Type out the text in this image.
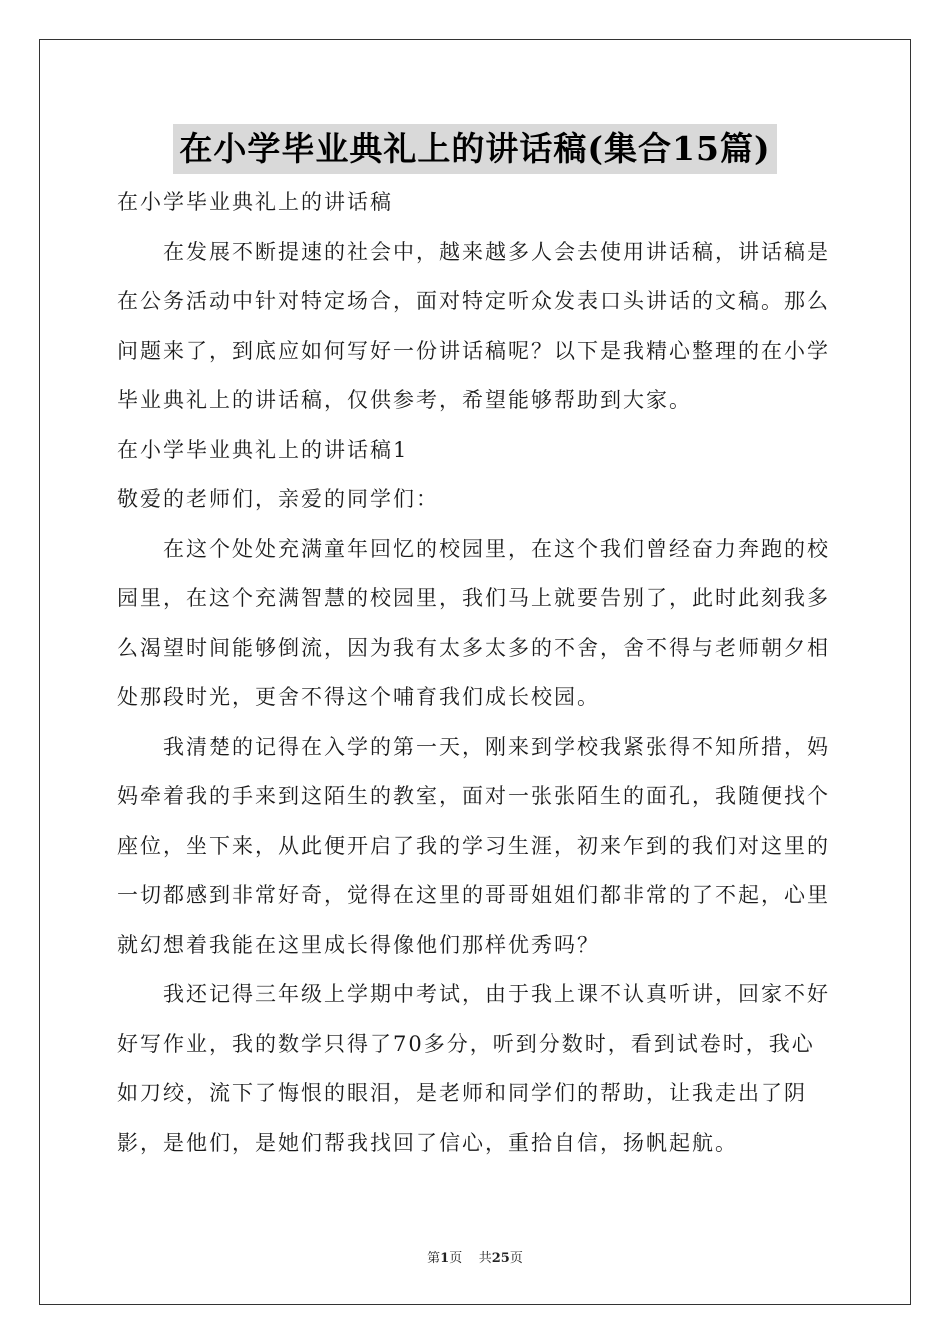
在小学毕业典礼上的讲话稿(集合15篇)

在小学毕业典礼上的讲话稿

在发展不断提速的社会中，越来越多人会去使用讲话稿，讲话稿是在公务活动中针对特定场合，面对特定听众发表口头讲话的文稿。那么问题来了，到底应如何写好一份讲话稿呢？以下是我精心整理的在小学毕业典礼上的讲话稿，仅供参考，希望能够帮助到大家。

在小学毕业典礼上的讲话稿1

敬爱的老师们，亲爱的同学们：

在这个处处充满童年回忆的校园里，在这个我们曾经奋力奔跑的校园里，在这个充满智慧的校园里，我们马上就要告别了，此时此刻我多么渴望时间能够倒流，因为我有太多太多的不舍，舍不得与老师朝夕相处那段时光，更舍不得这个哺育我们成长校园。

我清楚的记得在入学的第一天，刚来到学校我紧张得不知所措，妈妈牵着我的手来到这陌生的教室，面对一张张陌生的面孔，我随便找个座位，坐下来，从此便开启了我的学习生涯，初来乍到的我们对这里的一切都感到非常好奇，觉得在这里的哥哥姐姐们都非常的了不起，心里就幻想着我能在这里成长得像他们那样优秀吗？

我还记得三年级上学期中考试，由于我上课不认真听讲，回家不好好写作业，我的数学只得了70多分，听到分数时，看到试卷时，我心如刀绞，流下了悔恨的眼泪，是老师和同学们的帮助，让我走出了阴影，是他们，是她们帮我找回了信心，重拾自信，扬帆起航。

第1页 共25页
